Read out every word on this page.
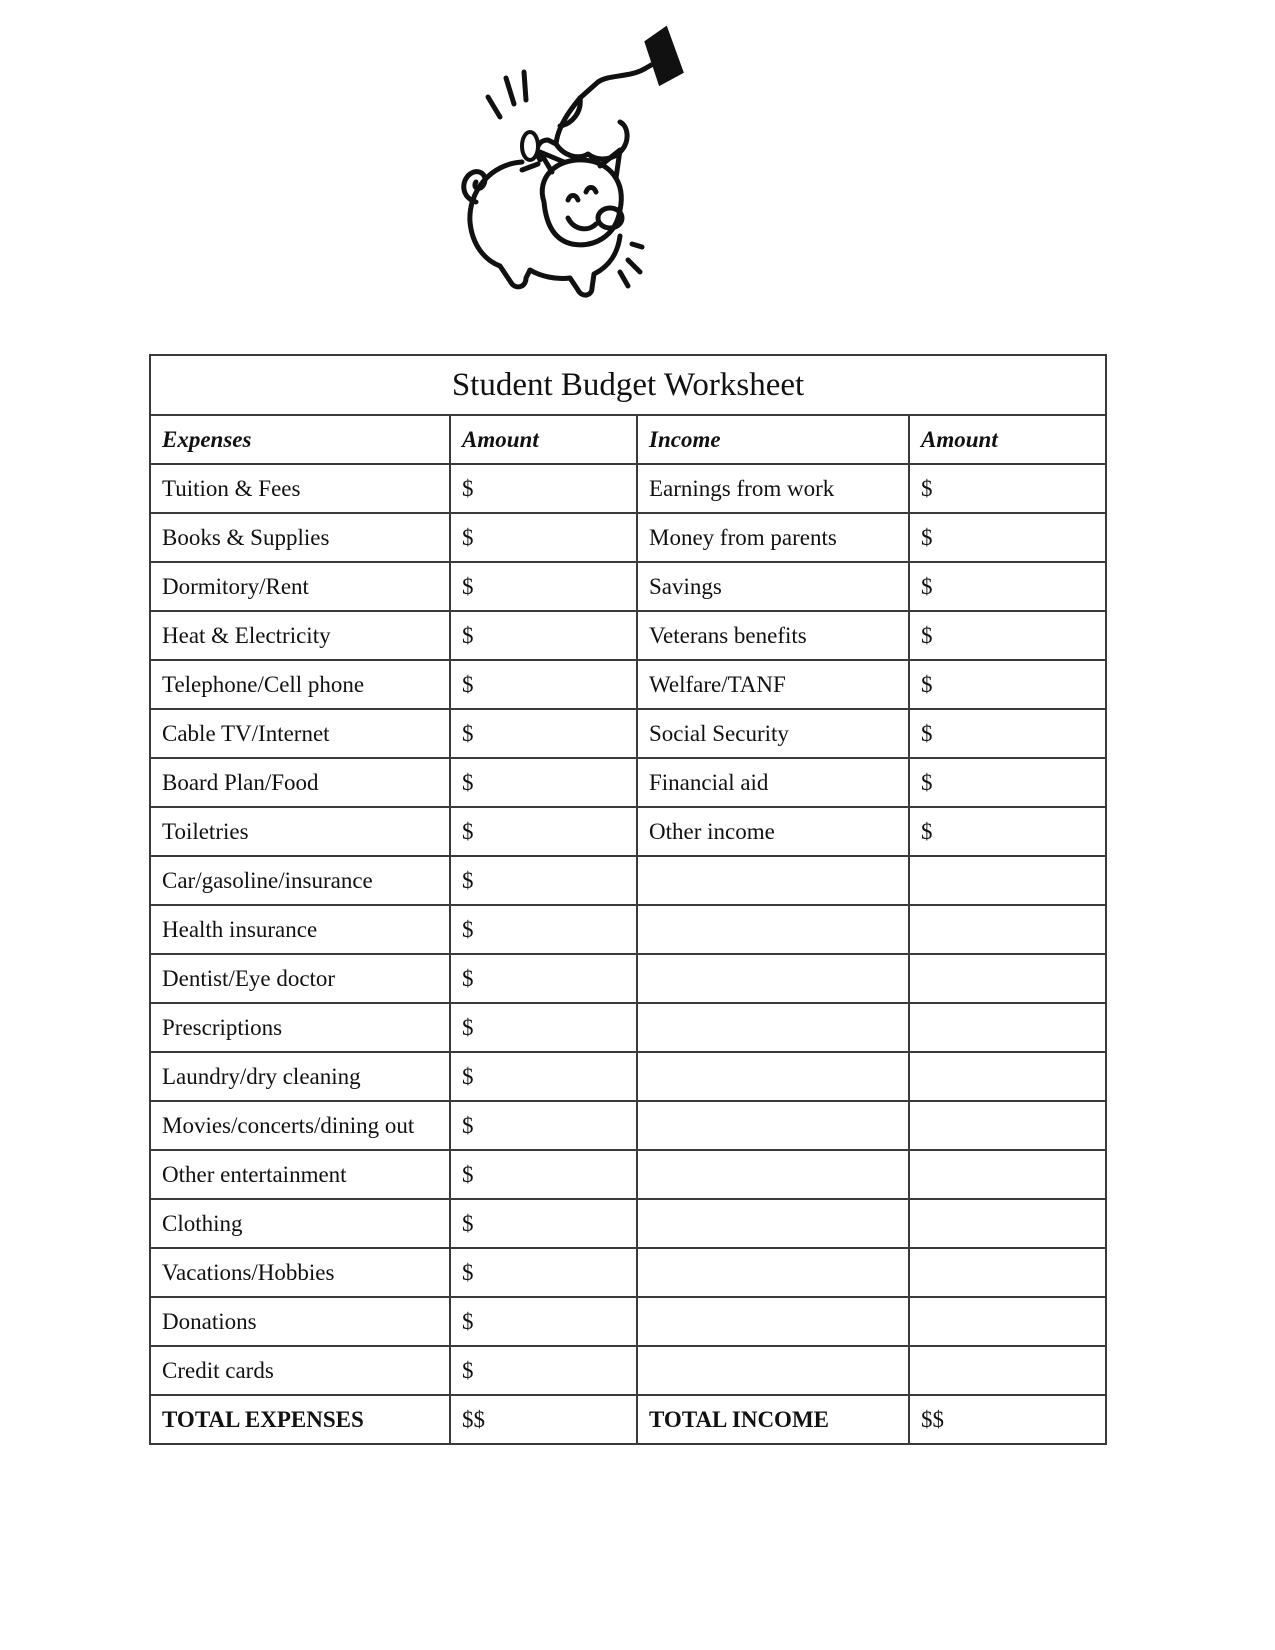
Student Budget Worksheet			
Expenses	Amount	Income	Amount
Tuition & Fees	$	Earnings from work	$
Books & Supplies	$	Money from parents	$
Dormitory/Rent	$	Savings	$
Heat & Electricity	$	Veterans benefits	$
Telephone/Cell phone	$	Welfare/TANF	$
Cable TV/Internet	$	Social Security	$
Board Plan/Food	$	Financial aid	$
Toiletries	$	Other income	$
Car/gasoline/insurance	$		
Health insurance	$		
Dentist/Eye doctor	$		
Prescriptions	$		
Laundry/dry cleaning	$		
Movies/concerts/dining out	$		
Other entertainment	$		
Clothing	$		
Vacations/Hobbies	$		
Donations	$		
Credit cards	$		
TOTAL EXPENSES	$$	TOTAL INCOME	$$
